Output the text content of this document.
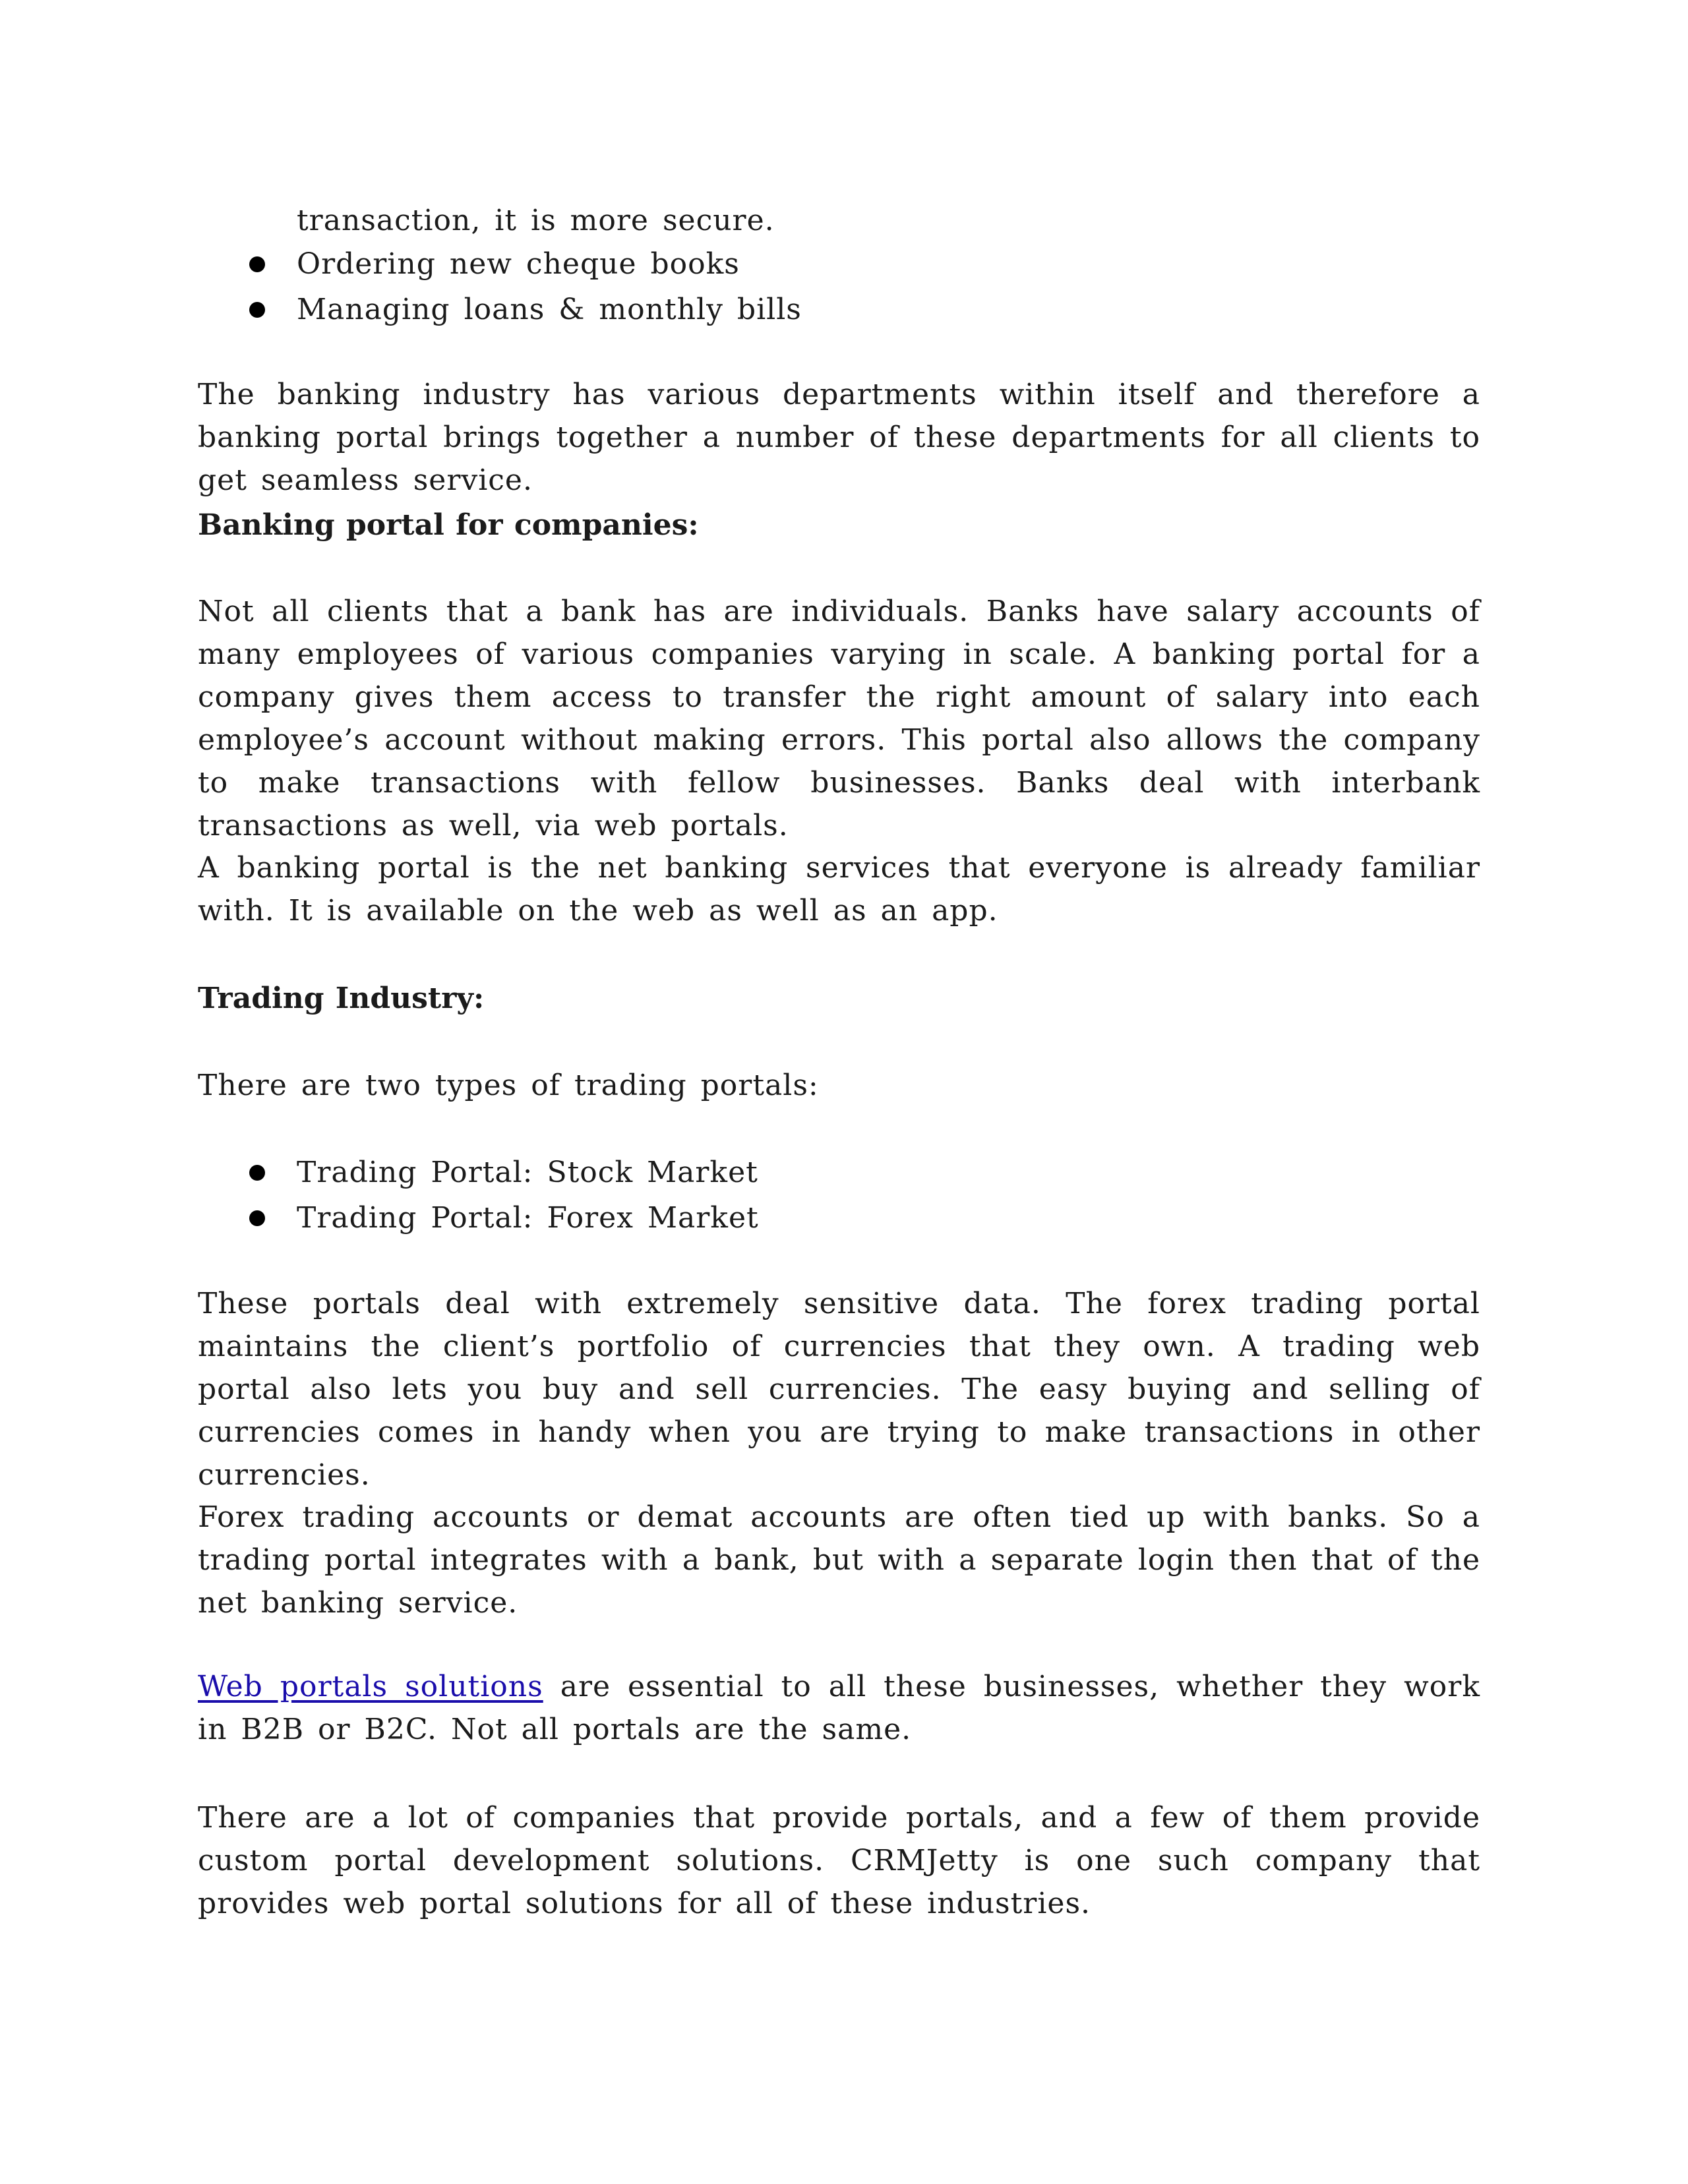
transaction, it is more secure.

Ordering new cheque books
Managing loans & monthly bills

The banking industry has various departments within itself and therefore a banking portal brings together a number of these departments for all clients to get seamless service.

Banking portal for companies:

Not all clients that a bank has are individuals. Banks have salary accounts of many employees of various companies varying in scale. A banking portal for a company gives them access to transfer the right amount of salary into each employee’s account without making errors. This portal also allows the company to make transactions with fellow businesses. Banks deal with interbank transactions as well, via web portals.

A banking portal is the net banking services that everyone is already familiar with. It is available on the web as well as an app.

Trading Industry:

There are two types of trading portals:

Trading Portal: Stock Market
Trading Portal: Forex Market

These portals deal with extremely sensitive data. The forex trading portal maintains the client’s portfolio of currencies that they own. A trading web portal also lets you buy and sell currencies. The easy buying and selling of currencies comes in handy when you are trying to make transactions in other currencies.

Forex trading accounts or demat accounts are often tied up with banks. So a trading portal integrates with a bank, but with a separate login then that of the net banking service.

Web portals solutions are essential to all these businesses, whether they work in B2B or B2C. Not all portals are the same.

There are a lot of companies that provide portals, and a few of them provide custom portal development solutions. CRMJetty is one such company that provides web portal solutions for all of these industries.
